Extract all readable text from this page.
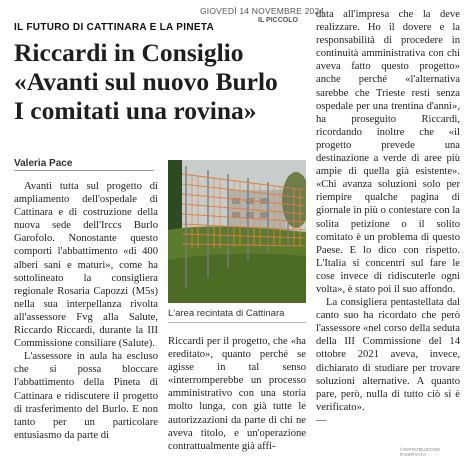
GIOVEDÌ 14 NOVEMBRE 2024
IL PICCOLO
IL FUTURO DI CATTINARA E LA PINETA
Riccardi in Consiglio
«Avanti sul nuovo Burlo
I comitati una rovina»
Valeria Pace

Avanti tutta sul progetto di ampliamento dell'ospedale di Cattinara e di costruzione della nuova sede dell'Irccs Burlo Garofolo. Nonostante questo comporti l'abbattimento «di 400 alberi sani e maturi», come ha sottolineato la consigliera regionale Rosaria Capozzi (M5s) nella sua interpellanza rivolta all'assessore Fvg alla Salute, Riccardo Riccardi, durante la III Commissione consiliare (Salute).

L'assessore in aula ha escluso che si possa bloccare l'abbattimento della Pineta di Cattinara e ridiscutere il progetto di trasferimento del Burlo. E non tanto per un particolare entusiasmo da parte di

L'area recintata di Cattinara

Riccardi per il progetto, che «ha ereditato», quanto perché se agisse in tal senso «interromperebbe un processo amministrativo con una storia molto lunga, con già tutte le autorizzazioni da parte di chi ne aveva titolo, e un'operazione contrattualmente già affi-

data all'impresa che la deve realizzare. Ho il dovere e la responsabilità di procedere in continuità amministrativa con chi aveva fatto questo progetto» anche perché «l'alternativa sarebbe che Trieste resti senza ospedale per una trentina d'anni», ha proseguito Riccardi, ricordando inoltre che «il progetto prevede una destinazione a verde di aree più ampie di quella già esistente». «Chi avanza soluzioni solo per riempire qualche pagina di giornale in più o contestare con la solita petizione o il solito comitato è un problema di questo Paese. E lo dico con rispetto. L'Italia si concentri sul fare le cose invece di ridiscuterle ogni volta», è stato poi il suo affondo.

La consigliera pentastellata dal canto suo ha ricordato che però l'assessore «nel corso della seduta della III Commissione del 14 ottobre 2021 aveva, invece, dichiarato di studiare per trovare soluzioni alternative. A quanto pare, però, nulla di tutto ciò si è verificato».

—

©RIPRODUZIONE RISERVATA
